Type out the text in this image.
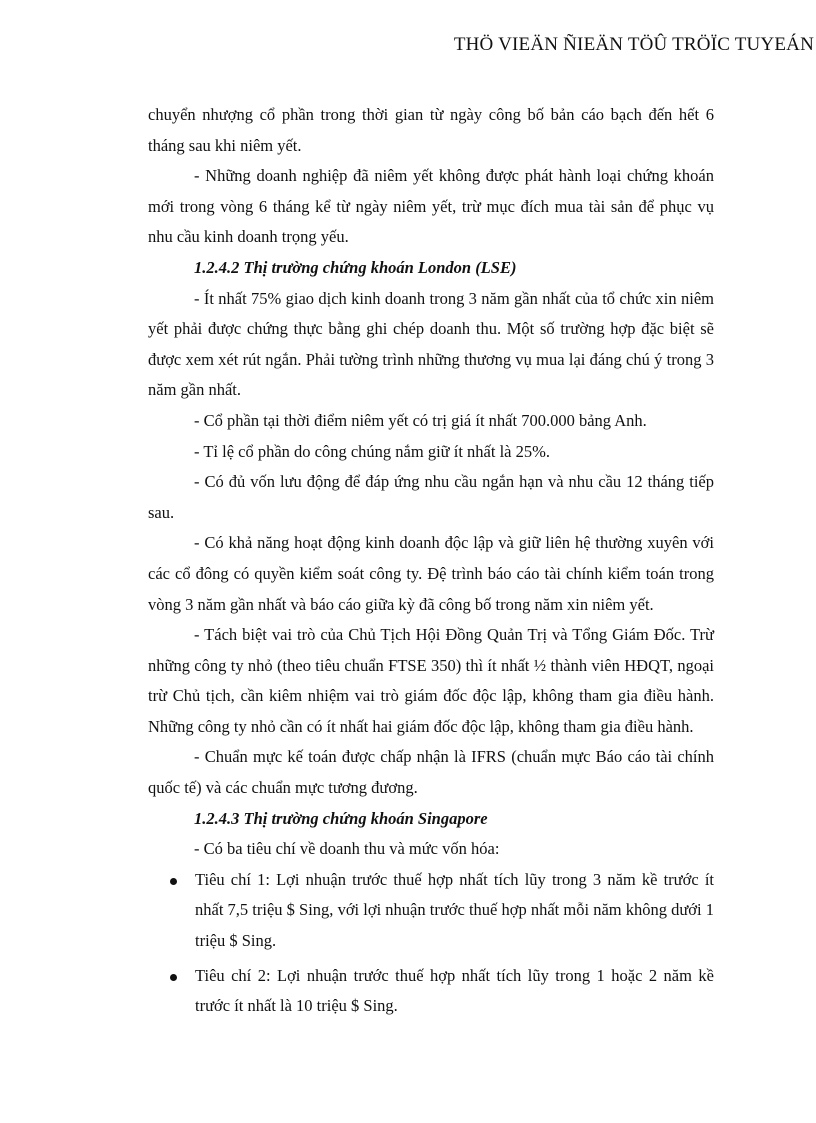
THÖ VIEÄN ÑIEÄN TÖÛ TRÖÏC TUYEÁN

chuyển nhượng cổ phần trong thời gian từ ngày công bố bản cáo bạch đến hết 6 tháng sau khi niêm yết.

- Những doanh nghiệp đã niêm yết không được phát hành loại chứng khoán mới trong vòng 6 tháng kể từ ngày niêm yết, trừ mục đích mua tài sản để phục vụ nhu cầu kinh doanh trọng yếu.

1.2.4.2 Thị trường chứng khoán London (LSE)

- Ít nhất 75% giao dịch kinh doanh trong 3 năm gần nhất của tổ chức xin niêm yết phải được chứng thực bằng ghi chép doanh thu. Một số trường hợp đặc biệt sẽ được xem xét rút ngắn. Phải tường trình những thương vụ mua lại đáng chú ý trong 3 năm gần nhất.

- Cổ phần tại thời điểm niêm yết có trị giá ít nhất 700.000 bảng Anh.

- Tỉ lệ cổ phần do công chúng nắm giữ ít nhất là 25%.

- Có đủ vốn lưu động để đáp ứng nhu cầu ngắn hạn và nhu cầu 12 tháng tiếp sau.

- Có khả năng hoạt động kinh doanh độc lập và giữ liên hệ thường xuyên với các cổ đông có quyền kiểm soát công ty. Đệ trình báo cáo tài chính kiểm toán trong vòng 3 năm gần nhất và báo cáo giữa kỳ đã công bố trong năm xin niêm yết.

- Tách biệt vai trò của Chủ Tịch Hội Đồng Quản Trị và Tổng Giám Đốc. Trừ những công ty nhỏ (theo tiêu chuẩn FTSE 350) thì ít nhất ½ thành viên HĐQT, ngoại trừ Chủ tịch, cần kiêm nhiệm vai trò giám đốc độc lập, không tham gia điều hành. Những công ty nhỏ cần có ít nhất hai giám đốc độc lập, không tham gia điều hành.

- Chuẩn mực kế toán được chấp nhận là IFRS (chuẩn mực Báo cáo tài chính quốc tế) và các chuẩn mực tương đương.

1.2.4.3 Thị trường chứng khoán Singapore

- Có ba tiêu chí về doanh thu và mức vốn hóa:

Tiêu chí 1: Lợi nhuận trước thuế hợp nhất tích lũy trong 3 năm kề trước ít nhất 7,5 triệu $ Sing, với lợi nhuận trước thuế hợp nhất mỗi năm không dưới 1 triệu $ Sing.
Tiêu chí 2: Lợi nhuận trước thuế hợp nhất tích lũy trong 1 hoặc 2 năm kề trước ít nhất là 10 triệu $ Sing.
